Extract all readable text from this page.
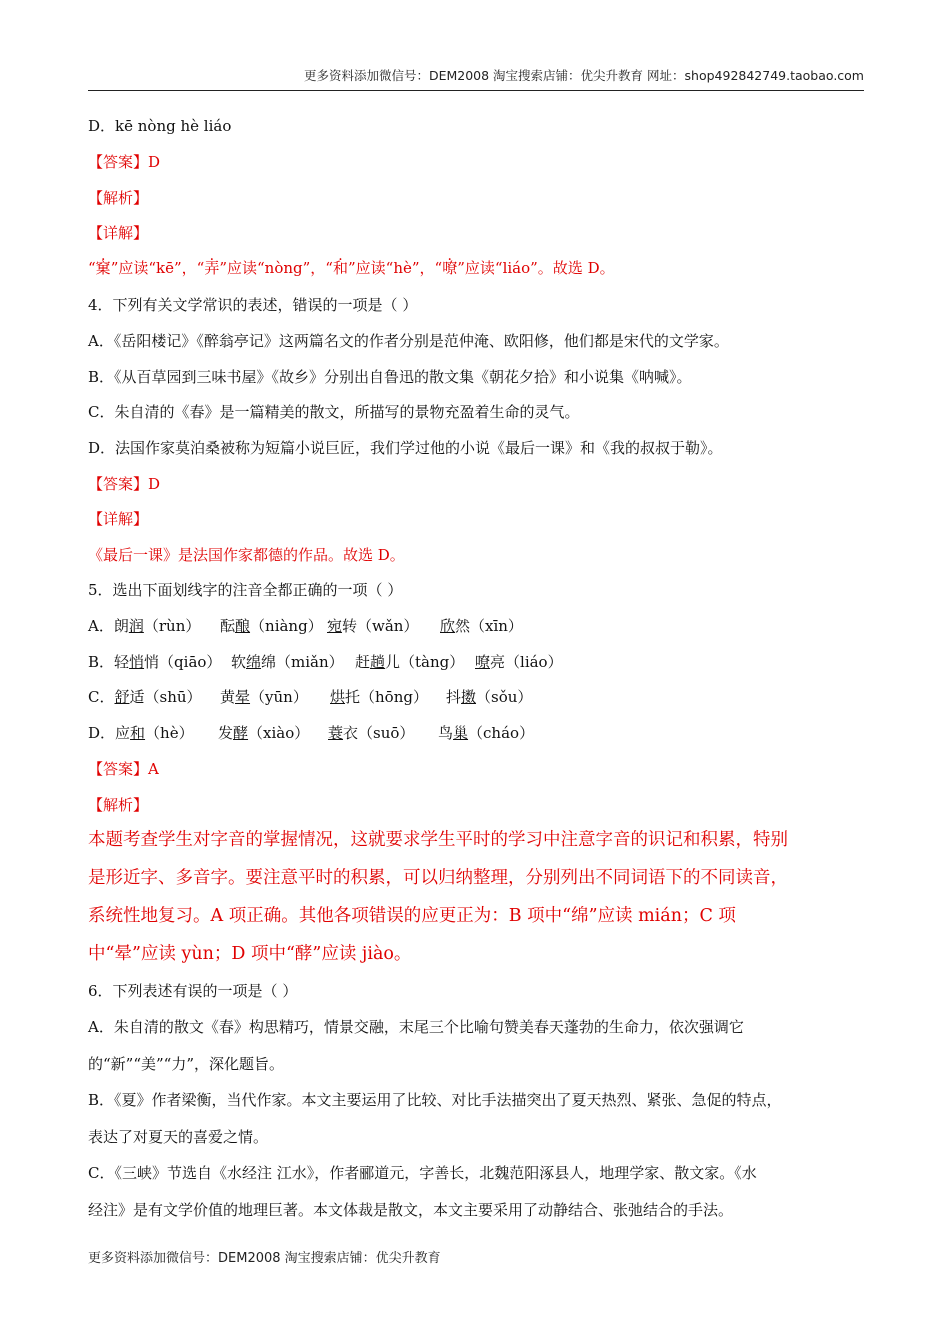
更多资料添加微信号：DEM2008 淘宝搜索店铺：优尖升教育 网址：shop492842749.taobao.com
D．kē nòng hè liáo
【答案】D
【解析】
【详解】
“窠”应读“kē”，“弄”应读“nòng”，“和”应读“hè”，“嘹”应读“liáo”。故选 D。
4．下列有关文学常识的表述，错误的一项是（ ）
A．《岳阳楼记》《醉翁亭记》这两篇名文的作者分别是范仲淹、欧阳修，他们都是宋代的文学家。
B．《从百草园到三味书屋》《故乡》分别出自鲁迅的散文集《朝花夕拾》和小说集《呐喊》。
C．朱自清的《春》是一篇精美的散文，所描写的景物充盈着生命的灵气。
D．法国作家莫泊桑被称为短篇小说巨匠，我们学过他的小说《最后一课》和《我的叔叔于勒》。
【答案】D
【详解】
《最后一课》是法国作家都德的作品。故选 D。
5．选出下面划线字的注音全都正确的一项（ ）
A．朗润（rùn） 酝酿（niàng） 宛转（wǎn） 欣然（xīn）
B．轻悄悄（qiāo） 软绵绵（miǎn） 赶趟儿（tàng） 嘹亮（liáo）
C．舒适（shū） 黄晕（yūn） 烘托（hōng） 抖擞（sǒu）
D．应和（hè） 发酵（xiào） 蓑衣（suō） 鸟巢（cháo）
【答案】A
【解析】
本题考查学生对字音的掌握情况，这就要求学生平时的学习中注意字音的识记和积累，特别
是形近字、多音字。要注意平时的积累，可以归纳整理，分别列出不同词语下的不同读音，
系统性地复习。A 项正确。其他各项错误的应更正为：B 项中“绵”应读 mián；C 项
中“晕”应读 yùn；D 项中“酵”应读 jiào。
6．下列表述有误的一项是（ ）
A．朱自清的散文《春》构思精巧，情景交融，末尾三个比喻句赞美春天蓬勃的生命力，依次强调它
的“新”“美”“力”，深化题旨。
B．《夏》作者梁衡，当代作家。本文主要运用了比较、对比手法描突出了夏天热烈、紧张、急促的特点，
表达了对夏天的喜爱之情。
C．《三峡》节选自《水经注 江水》，作者郦道元，字善长，北魏范阳涿县人，地理学家、散文家。《水
经注》是有文学价值的地理巨著。本文体裁是散文，本文主要采用了动静结合、张弛结合的手法。
更多资料添加微信号：DEM2008 淘宝搜索店铺：优尖升教育
